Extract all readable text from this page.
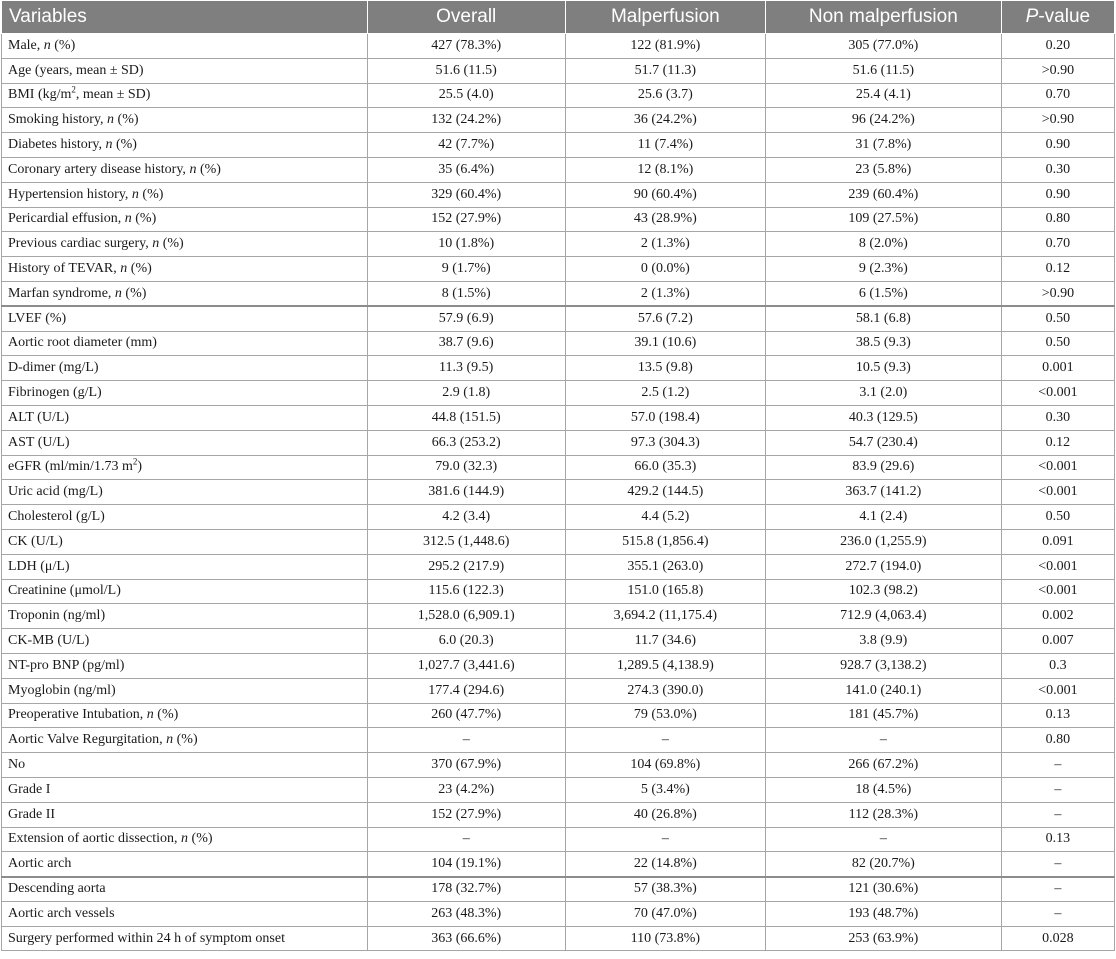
Variables	Overall	Malperfusion	Non malperfusion	P-value
Male, n (%)	427 (78.3%)	122 (81.9%)	305 (77.0%)	0.20
Age (years, mean ± SD)	51.6 (11.5)	51.7 (11.3)	51.6 (11.5)	>0.90
BMI ($kg/m^2$, mean ± SD)	25.5 (4.0)	25.6 (3.7)	25.4 (4.1)	0.70
Smoking history, n (%)	132 (24.2%)	36 (24.2%)	96 (24.2%)	>0.90
Diabetes history, n (%)	42 (7.7%)	11 (7.4%)	31 (7.8%)	0.90
Coronary artery disease history, n (%)	35 (6.4%)	12 (8.1%)	23 (5.8%)	0.30
Hypertension history, n (%)	329 (60.4%)	90 (60.4%)	239 (60.4%)	0.90
Pericardial effusion, n (%)	152 (27.9%)	43 (28.9%)	109 (27.5%)	0.80
Previous cardiac surgery, n (%)	10 (1.8%)	2 (1.3%)	8 (2.0%)	0.70
History of TEVAR, n (%)	9 (1.7%)	0 (0.0%)	9 (2.3%)	0.12
Marfan syndrome, n (%)	8 (1.5%)	2 (1.3%)	6 (1.5%)	>0.90
LVEF (%)	57.9 (6.9)	57.6 (7.2)	58.1 (6.8)	0.50
Aortic root diameter (mm)	38.7 (9.6)	39.1 (10.6)	38.5 (9.3)	0.50
D-dimer (mg/L)	11.3 (9.5)	13.5 (9.8)	10.5 (9.3)	0.001
Fibrinogen (g/L)	2.9 (1.8)	2.5 (1.2)	3.1 (2.0)	<0.001
ALT (U/L)	44.8 (151.5)	57.0 (198.4)	40.3 (129.5)	0.30
AST (U/L)	66.3 (253.2)	97.3 (304.3)	54.7 (230.4)	0.12
eGFR (ml/min/1.73 $m^2$)	79.0 (32.3)	66.0 (35.3)	83.9 (29.6)	<0.001
Uric acid (mg/L)	381.6 (144.9)	429.2 (144.5)	363.7 (141.2)	<0.001
Cholesterol (g/L)	4.2 (3.4)	4.4 (5.2)	4.1 (2.4)	0.50
CK (U/L)	312.5 (1,448.6)	515.8 (1,856.4)	236.0 (1,255.9)	0.091
LDH (μ/L)	295.2 (217.9)	355.1 (263.0)	272.7 (194.0)	<0.001
Creatinine (μmol/L)	115.6 (122.3)	151.0 (165.8)	102.3 (98.2)	<0.001
Troponin (ng/ml)	1,528.0 (6,909.1)	3,694.2 (11,175.4)	712.9 (4,063.4)	0.002
CK-MB (U/L)	6.0 (20.3)	11.7 (34.6)	3.8 (9.9)	0.007
NT-pro BNP (pg/ml)	1,027.7 (3,441.6)	1,289.5 (4,138.9)	928.7 (3,138.2)	0.3
Myoglobin (ng/ml)	177.4 (294.6)	274.3 (390.0)	141.0 (240.1)	<0.001
Preoperative Intubation, n (%)	260 (47.7%)	79 (53.0%)	181 (45.7%)	0.13
Aortic Valve Regurgitation, n (%)	–	–	–	0.80
No	370 (67.9%)	104 (69.8%)	266 (67.2%)	–
Grade I	23 (4.2%)	5 (3.4%)	18 (4.5%)	–
Grade II	152 (27.9%)	40 (26.8%)	112 (28.3%)	–
Extension of aortic dissection, n (%)	–	–	–	0.13
Aortic arch	104 (19.1%)	22 (14.8%)	82 (20.7%)	–
Descending aorta	178 (32.7%)	57 (38.3%)	121 (30.6%)	–
Aortic arch vessels	263 (48.3%)	70 (47.0%)	193 (48.7%)	–
Surgery performed within 24 h of symptom onset	363 (66.6%)	110 (73.8%)	253 (63.9%)	0.028
